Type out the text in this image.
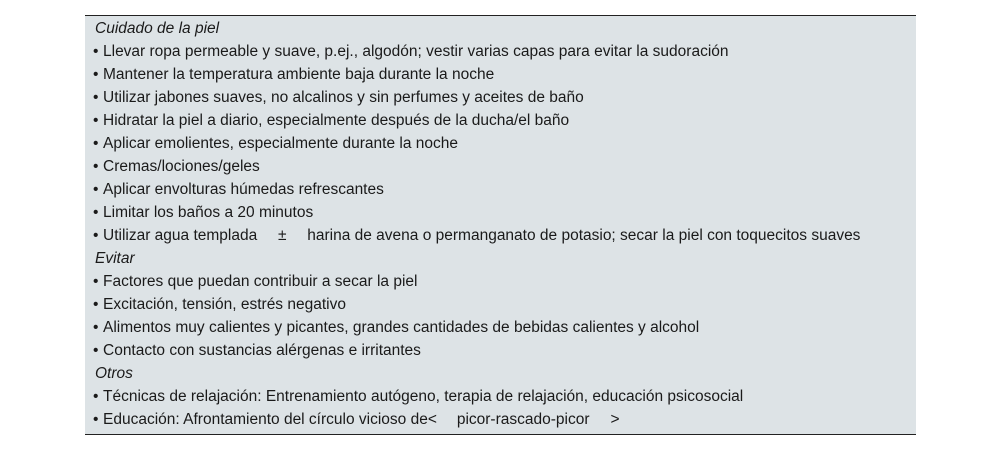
Cuidado de la piel
• Llevar ropa permeable y suave, p.ej., algodón; vestir varias capas para evitar la sudoración
• Mantener la temperatura ambiente baja durante la noche
• Utilizar jabones suaves, no alcalinos y sin perfumes y aceites de baño
• Hidratar la piel a diario, especialmente después de la ducha/el baño
• Aplicar emolientes, especialmente durante la noche
• Cremas/lociones/geles
• Aplicar envolturas húmedas refrescantes
• Limitar los baños a 20 minutos
• Utilizar agua templada ± harina de avena o permanganato de potasio; secar la piel con toquecitos suaves
Evitar
• Factores que puedan contribuir a secar la piel
• Excitación, tensión, estrés negativo
• Alimentos muy calientes y picantes, grandes cantidades de bebidas calientes y alcohol
• Contacto con sustancias alérgenas e irritantes
Otros
• Técnicas de relajación: Entrenamiento autógeno, terapia de relajación, educación psicosocial
• Educación: Afrontamiento del círculo vicioso de< picor-rascado-picor >
